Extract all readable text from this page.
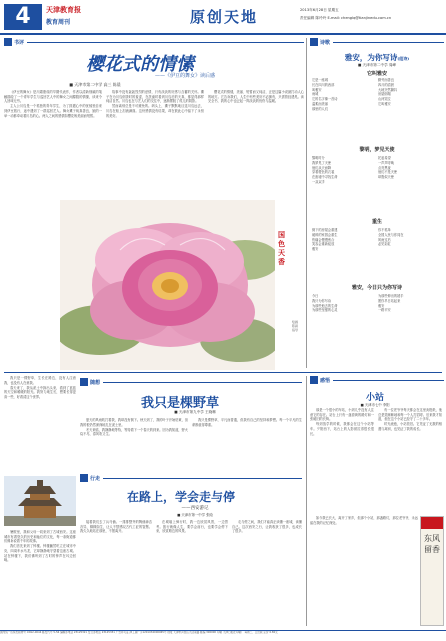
4	天津教育报
教育周刊	原创天地	2013年6月28日 星期五
责任编辑 陈玲玲 E-mail: chenglq@tianjinedu.com.cn
书评
樱花式的情愫
——《伊豆的舞女》读后感
■ 天津市第二中学 高三 陈晨

《伊豆的舞女》是川端康成的早期代表作，作者以清新细腻的笔触描绘了一个青年学生与巡回艺人中的舞女之间朦胧的情愫，读来令人回味无穷。

主人公川岛是一个孤独的青年学生，为了排遣心中的忧郁独自来到伊豆旅行，途中遇到了一群巡回艺人。舞女薰子纯真善良，她的一举一动都牵动着川岛的心。两人之间的感情如樱花般美丽而短暂。

故事中没有轰轰烈烈的爱情，只有淡淡的好感与含蓄的关怀。薰子在为川岛倒茶时的羞涩，在洗澡时看到川岛后的天真，都显得那样纯洁自然。川岛也在与艺人们的交往中，逐渐摆脱了孤儿的阴影。

然而离别总是不可避免的。码头上，薰子默默地目送川岛远去，川岛在船上泪流满面。这份感情没有结果，却在彼此心中留下了永恒的美好。

樱花式的情愫，美丽、短暂而又纯洁，正是这篇小说最打动人心的地方。它告诉我们，人生中有些美好不必拥有，只需曾经遇见。读完全书，我的心中也泛起一阵淡淡的忧伤与温暖。

国色天香
绘画 陈颖 指导
诗歌
雅安，为你写诗(组诗)
■ 天津市第二中学 周峰
它叫雅安
它是一座城
长在四川的西部
叫雅安
雨城
它的名字像一首诗
温柔而美丽
那里的人们
勤劳而善良
四月的清晨
大地突然颤抖
房屋倒塌
山河哭泣
它叫雅安
黎明，梦见天使
黎明时分
我梦见了天使
他们从天而降
穿着橙色的衣裳
在废墟中寻找生命
一双双手
托起希望
一声声呼唤
点亮黑夜
他们不是天使
却胜似天使
重生
倒下的房屋会重建
破碎的家园会重生
伤痛会慢慢愈合
笑容会重新绽放
雅安
你不孤单
全国人民与你同在
风雨过后
必见彩虹
雅安，今日只为你写诗
今日
我只为你写诗
为那些逝去的生命
为那些坚强的心灵
为那些伸出的援手
愿你早日站起来
雅安
一路平安
随想

我只是一棵野草，生长在路边，没有人注意我，也没有人在意我。

春天来了，我从泥土中探出头来，看到了蓝蓝的天空和暖暖的阳光。我努力地生长，想要长得更高一些，好看清这个世界。	我只是棵野草
■ 天津市第九中学 王晓琳

夏天的风雨吹打着我，我却没有倒下。秋天到了，我的叶子开始枯黄，但我的根仍然深深地扎在泥土里。

冬天来临，我静静地等待，等待着下一个春天的到来。因为我知道，野火烧不尽，春风吹又生。

我只是棵野草，平凡而普通，但我有自己的坚持和梦想。每一个平凡的生命都值得尊重。

行走
在路上，学会走与停
——西安游记
■ 天津市第一中学 张晗

暑假里，我和父母一同来到了古城西安。这座城市有着悠久的历史和灿烂的文化，每一条街道都仿佛诉说着千年的故事。

我们首先来到了钟楼。钟楼巍然屹立在城市中央，四周车水马龙，它却静静地守望着这座古城。站在钟楼下，我仿佛听到了古时的钟声在耳边回响。

接着我们去了兵马俑。一排排整齐的陶俑神态各异，栩栩如生，让人不禁感叹古代工匠的智慧。我久久地站在那里，不愿离开。

在城墙上骑行时，我一边欣赏风景，一边思考。旅行就像人生，要学会前行，也要学会停下来，欣赏路边的风景。

走与停之间，我们才能真正读懂一座城，读懂自己。这次西安之行，让我收获了很多，也成长了很多。

感悟
小站
■ 天津市七中 李阳

那是一个很小的车站，小到几乎没有人注意它的存在。站台上只有一盏昏黄的路灯和一张破旧的长椅。

每到放学的时候，我都会在这个小站等车。夕阳西下，站台上的人影被拉得很长很长。

有一位老爷爷每天都会在这里卖报纸，他总是笑眯眯地和每一个人打招呼。后来我才知道，他在这个小站已经守了二十多年。

时光流逝，小站依旧。它见证了无数的相遇与离别，也见证了我的成长。

如今我已长大，离开了家乡，但那个小站，那盏路灯，那位老爷爷，永远留在我的记忆深处。

东风留香
国内统一连续出版物号 CN12-0044 邮发代号 5-56 编辑部电话 23125321 发行部电话 23125331 广告许可证 津工商广字1201034000065号 地址 天津市河西区大沽南路 邮编 300000 印刷 天津日报社印刷厂 每周二、五出版 定价 0.80元
